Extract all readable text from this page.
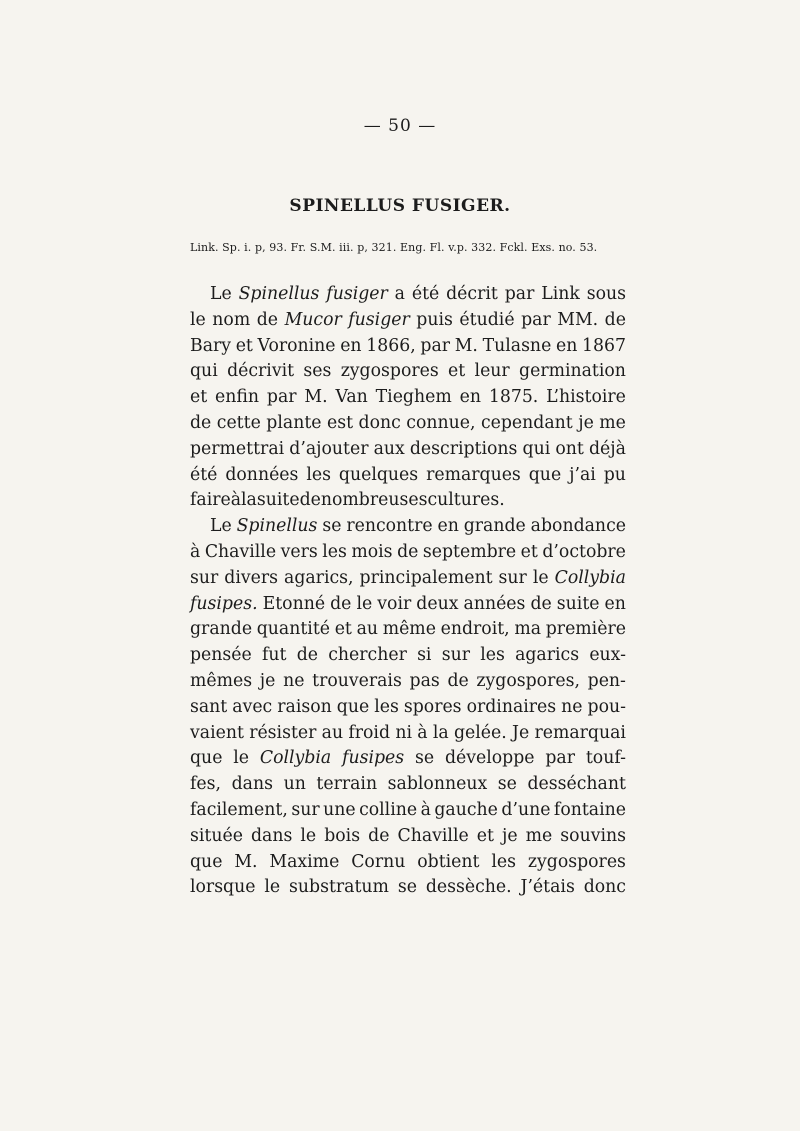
— 50 —
SPINELLUS FUSIGER.
Link. Sp. i. p, 93. Fr. S.M. iii. p, 321. Eng. Fl. v.p. 332. Fckl. Exs. no. 53.
Le Spinellus fusiger a été décrit par Link sous
le nom de Mucor fusiger puis étudié par MM. de
Bary et Voronine en 1866, par M. Tulasne en 1867
qui décrivit ses zygospores et leur germination
et enfin par M. Van Tieghem en 1875. L’histoire
de cette plante est donc connue, cependant je me
permettrai d’ajouter aux descriptions qui ont déjà
été données les quelques remarques que j’ai pu
faire à la suite de nombreuses cultures.
Le Spinellus se rencontre en grande abondance
à Chaville vers les mois de septembre et d’octobre
sur divers agarics, principalement sur le Collybia
fusipes. Etonné de le voir deux années de suite en
grande quantité et au même endroit, ma première
pensée fut de chercher si sur les agarics eux-
mêmes je ne trouverais pas de zygospores, pen-
sant avec raison que les spores ordinaires ne pou-
vaient résister au froid ni à la gelée. Je remarquai
que le Collybia fusipes se développe par touf-
fes, dans un terrain sablonneux se desséchant
facilement, sur une colline à gauche d’une fontaine
située dans le bois de Chaville et je me souvins
que M. Maxime Cornu obtient les zygospores
lorsque le substratum se dessèche. J’étais donc
